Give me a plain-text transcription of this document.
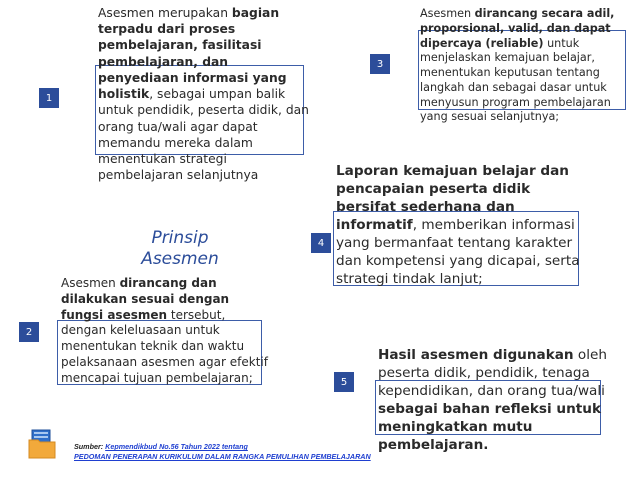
1
Asesmen merupakan bagian terpadu dari proses pembelajaran, fasilitasi pembelajaran, dan penyediaan informasi yang holistik, sebagai umpan balik untuk pendidik, peserta didik, dan orang tua/wali agar dapat memandu mereka dalam menentukan strategi pembelajaran selanjutnya
Prinsip
Asesmen
2
Asesmen dirancang dan dilakukan sesuai dengan fungsi asesmen tersebut, dengan keleluasaan untuk menentukan teknik dan waktu pelaksanaan asesmen agar efektif mencapai tujuan pembelajaran;
3
Asesmen dirancang secara adil, proporsional, valid, dan dapat dipercaya (reliable) untuk menjelaskan kemajuan belajar, menentukan keputusan tentang langkah dan sebagai dasar untuk menyusun program pembelajaran yang sesuai selanjutnya;
4
Laporan kemajuan belajar dan pencapaian peserta didik bersifat sederhana dan informatif, memberikan informasi yang bermanfaat tentang karakter dan kompetensi yang dicapai, serta strategi tindak lanjut;
5
Hasil asesmen digunakan oleh peserta didik, pendidik, tenaga kependidikan, dan orang tua/wali sebagai bahan refleksi untuk meningkatkan mutu pembelajaran.
Sumber: Kepmendikbud No.56 Tahun 2022 tentang
PEDOMAN PENERAPAN KURIKULUM DALAM RANGKA PEMULIHAN PEMBELAJARAN
